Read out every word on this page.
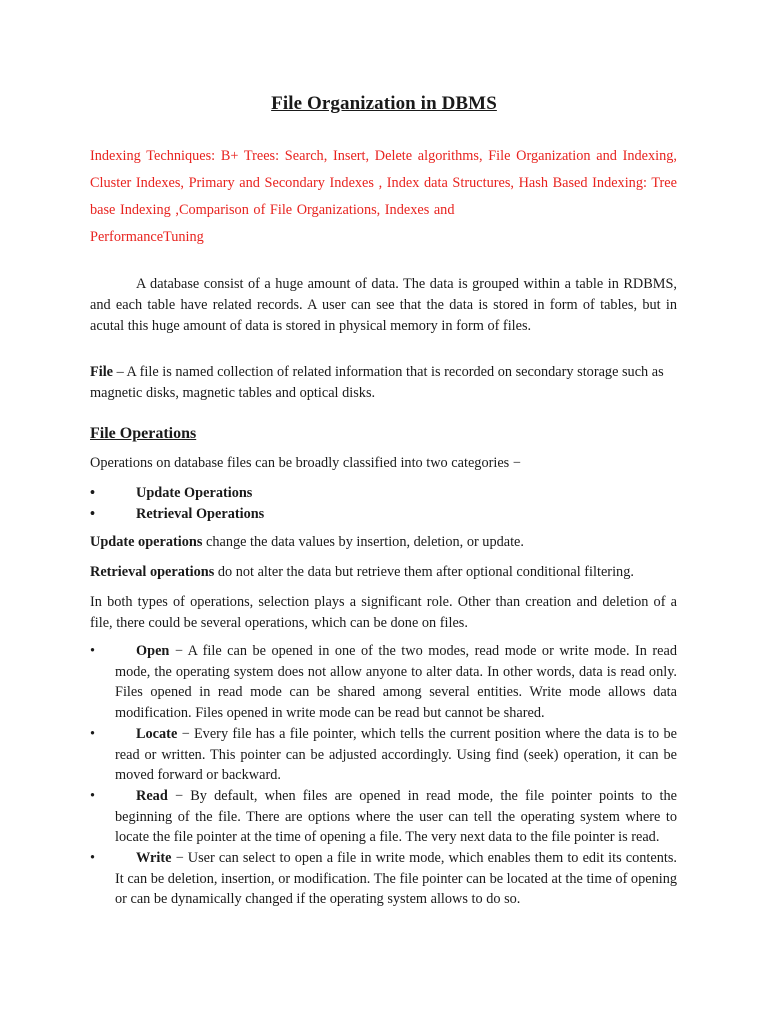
File Organization in DBMS
Indexing Techniques: B+ Trees: Search, Insert, Delete algorithms, File Organization and Indexing, Cluster Indexes, Primary and Secondary Indexes , Index data Structures, Hash Based Indexing: Tree base Indexing ,Comparison of File Organizations, Indexes and
PerformanceTuning
A database consist of a huge amount of data. The data is grouped within a table in RDBMS, and each table have related records. A user can see that the data is stored in form of tables, but in acutal this huge amount of data is stored in physical memory in form of files.
File – A file is named collection of related information that is recorded on secondary storage such as magnetic disks, magnetic tables and optical disks.
File Operations
Operations on database files can be broadly classified into two categories −
•	Update Operations
•	Retrieval Operations
Update operations change the data values by insertion, deletion, or update.
Retrieval operations do not alter the data but retrieve them after optional conditional filtering.
In both types of operations, selection plays a significant role. Other than creation and deletion of a file, there could be several operations, which can be done on files.
•	Open − A file can be opened in one of the two modes, read mode or write mode. In read mode, the operating system does not allow anyone to alter data. In other words, data is read only. Files opened in read mode can be shared among several entities. Write mode allows data modification. Files opened in write mode can be read but cannot be shared.
•	Locate − Every file has a file pointer, which tells the current position where the data is to be read or written. This pointer can be adjusted accordingly. Using find (seek) operation, it can be moved forward or backward.
•	Read − By default, when files are opened in read mode, the file pointer points to the beginning of the file. There are options where the user can tell the operating system where to locate the file pointer at the time of opening a file. The very next data to the file pointer is read.
•	Write − User can select to open a file in write mode, which enables them to edit its contents. It can be deletion, insertion, or modification. The file pointer can be located at the time of opening or can be dynamically changed if the operating system allows to do so.
